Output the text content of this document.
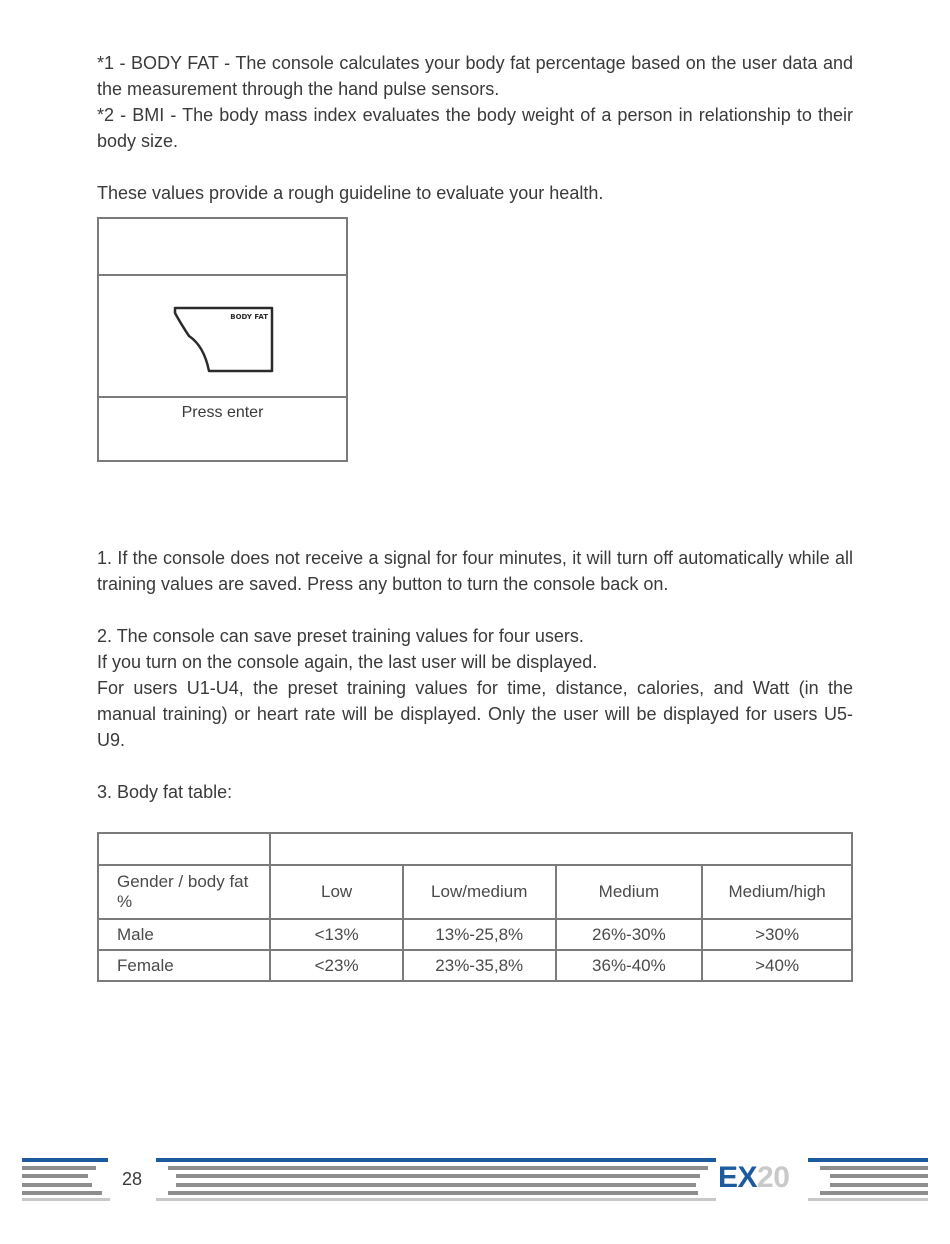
*1 - BODY FAT - The console calculates your body fat percentage based on the user data and the measurement through the hand pulse sensors.
*2 - BMI - The body mass index evaluates the body weight of a person in relationship to their body size.

These values provide a rough guideline to evaluate your health.

BODY FAT
Press enter

1. If the console does not receive a signal for four minutes, it will turn off automatically while all training values are saved. Press any button to turn the console back on.

2. The console can save preset training values for four users.
If you turn on the console again, the last user will be displayed.
For users U1-U4, the preset training values for time, distance, calories, and Watt (in the manual training) or heart rate will be displayed. Only the user will be displayed for users U5-U9.

3. Body fat table:

Gender / body fat %	Low	Low/medium	Medium	Medium/high
Male	<13%	13%-25,8%	26%-30%	>30%
Female	<23%	23%-35,8%	36%-40%	>40%
28	EX20
